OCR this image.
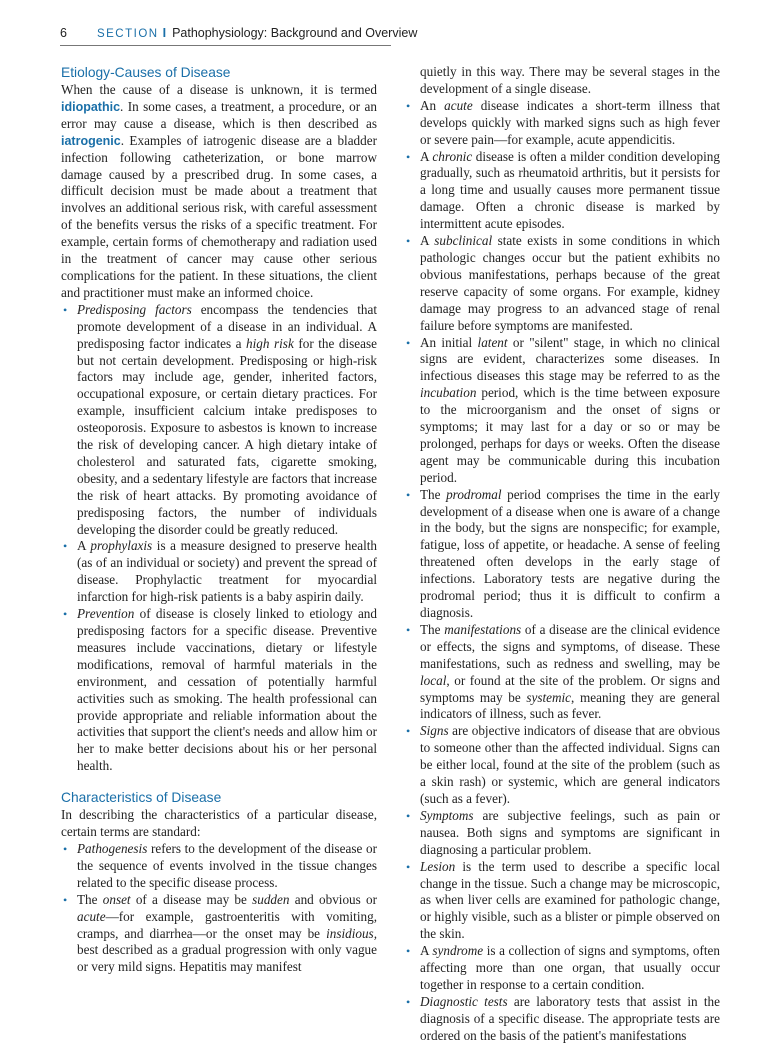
6	SECTION I Pathophysiology: Background and Overview
Etiology-Causes of Disease

When the cause of a disease is unknown, it is termed idiopathic. In some cases, a treatment, a procedure, or an error may cause a disease, which is then described as iatrogenic. Examples of iatrogenic disease are a bladder infection following catheterization, or bone marrow damage caused by a prescribed drug. In some cases, a difficult decision must be made about a treatment that involves an additional serious risk, with careful assessment of the benefits versus the risks of a specific treatment. For example, certain forms of chemotherapy and radiation used in the treatment of cancer may cause other serious complications for the patient. In these situations, the client and practitioner must make an informed choice.

• Predisposing factors encompass the tendencies that promote development of a disease in an individual. A predisposing factor indicates a high risk for the disease but not certain development. Predisposing or high-risk factors may include age, gender, inherited factors, occupational exposure, or certain dietary practices. For example, insufficient calcium intake predisposes to osteoporosis. Exposure to asbestos is known to increase the risk of developing cancer. A high dietary intake of cholesterol and saturated fats, cigarette smoking, obesity, and a sedentary lifestyle are factors that increase the risk of heart attacks. By promoting avoidance of predisposing factors, the number of individuals developing the disorder could be greatly reduced.
• A prophylaxis is a measure designed to preserve health (as of an individual or society) and prevent the spread of disease. Prophylactic treatment for myocardial infarction for high-risk patients is a baby aspirin daily.
• Prevention of disease is closely linked to etiology and predisposing factors for a specific disease. Preventive measures include vaccinations, dietary or lifestyle modifications, removal of harmful materials in the environment, and cessation of potentially harmful activities such as smoking. The health professional can provide appropriate and reliable information about the activities that support the client's needs and allow him or her to make better decisions about his or her personal health.
Characteristics of Disease

In describing the characteristics of a particular disease, certain terms are standard:

• Pathogenesis refers to the development of the disease or the sequence of events involved in the tissue changes related to the specific disease process.
• The onset of a disease may be sudden and obvious or acute—for example, gastroenteritis with vomiting, cramps, and diarrhea—or the onset may be insidious, best described as a gradual progression with only vague or very mild signs. Hepatitis may manifest

quietly in this way. There may be several stages in the development of a single disease.

• An acute disease indicates a short-term illness that develops quickly with marked signs such as high fever or severe pain—for example, acute appendicitis.
• A chronic disease is often a milder condition developing gradually, such as rheumatoid arthritis, but it persists for a long time and usually causes more permanent tissue damage. Often a chronic disease is marked by intermittent acute episodes.
• A subclinical state exists in some conditions in which pathologic changes occur but the patient exhibits no obvious manifestations, perhaps because of the great reserve capacity of some organs. For example, kidney damage may progress to an advanced stage of renal failure before symptoms are manifested.
• An initial latent or "silent" stage, in which no clinical signs are evident, characterizes some diseases. In infectious diseases this stage may be referred to as the incubation period, which is the time between exposure to the microorganism and the onset of signs or symptoms; it may last for a day or so or may be prolonged, perhaps for days or weeks. Often the disease agent may be communicable during this incubation period.
• The prodromal period comprises the time in the early development of a disease when one is aware of a change in the body, but the signs are nonspecific; for example, fatigue, loss of appetite, or headache. A sense of feeling threatened often develops in the early stage of infections. Laboratory tests are negative during the prodromal period; thus it is difficult to confirm a diagnosis.
• The manifestations of a disease are the clinical evidence or effects, the signs and symptoms, of disease. These manifestations, such as redness and swelling, may be local, or found at the site of the problem. Or signs and symptoms may be systemic, meaning they are general indicators of illness, such as fever.
• Signs are objective indicators of disease that are obvious to someone other than the affected individual. Signs can be either local, found at the site of the problem (such as a skin rash) or systemic, which are general indicators (such as a fever).
• Symptoms are subjective feelings, such as pain or nausea. Both signs and symptoms are significant in diagnosing a particular problem.
• Lesion is the term used to describe a specific local change in the tissue. Such a change may be microscopic, as when liver cells are examined for pathologic change, or highly visible, such as a blister or pimple observed on the skin.
• A syndrome is a collection of signs and symptoms, often affecting more than one organ, that usually occur together in response to a certain condition.
• Diagnostic tests are laboratory tests that assist in the diagnosis of a specific disease. The appropriate tests are ordered on the basis of the patient's manifestations
